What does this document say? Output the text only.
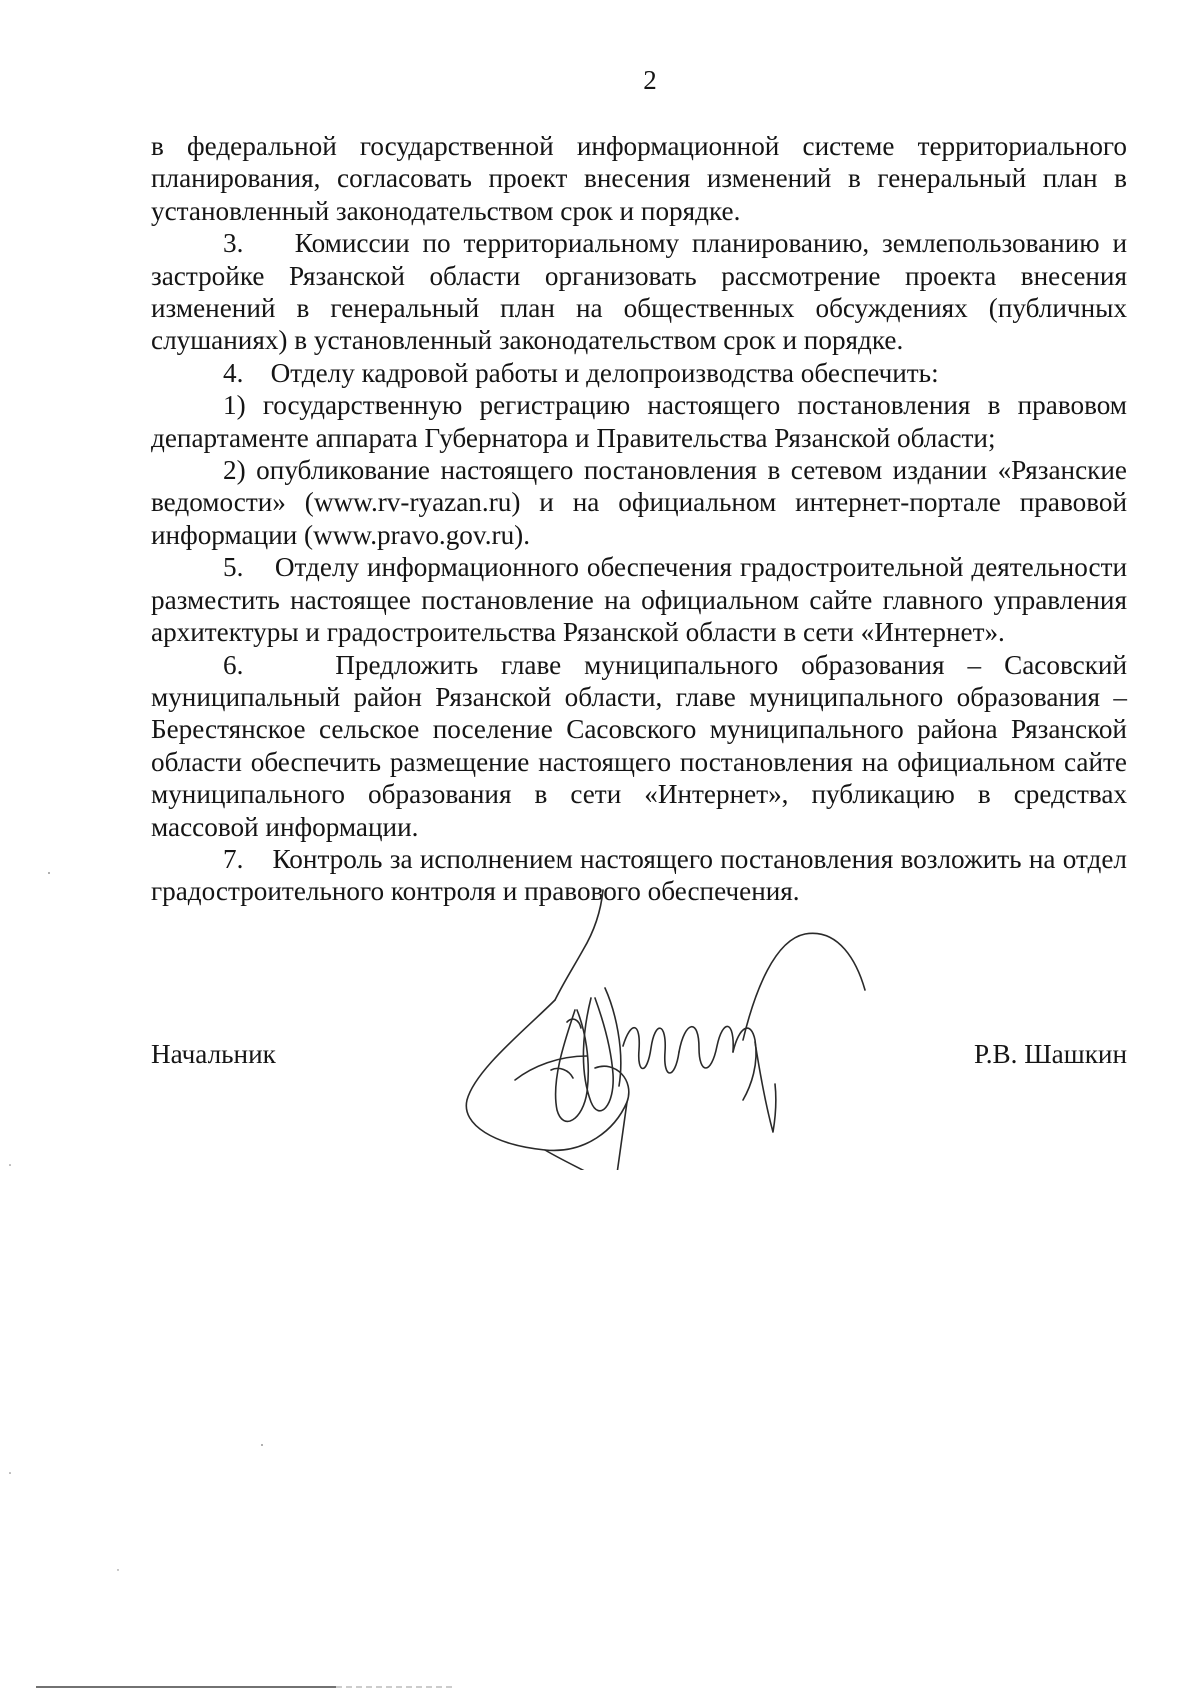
2

в федеральной государственной информационной системе территориального планирования, согласовать проект внесения изменений в генеральный план в установленный законодательством срок и порядке.

3.    Комиссии по территориальному планированию, землепользованию и застройке Рязанской области организовать рассмотрение проекта внесения изменений в генеральный план на общественных обсуждениях (публичных слушаниях) в установленный законодательством срок и порядке.

4.    Отделу кадровой работы и делопроизводства обеспечить:

1) государственную регистрацию настоящего постановления в правовом департаменте аппарата Губернатора и Правительства Рязанской области;

2) опубликование настоящего постановления в сетевом издании «Рязанские ведомости» (www.rv-ryazan.ru) и на официальном интернет-портале правовой информации (www.pravo.gov.ru).

5.    Отделу информационного обеспечения градостроительной деятельности разместить настоящее постановление на официальном сайте главного управления архитектуры и градостроительства Рязанской области в сети «Интернет».

6.    Предложить главе муниципального образования – Сасовский муниципальный район Рязанской области, главе муниципального образования – Берестянское сельское поселение Сасовского муниципального района Рязанской области обеспечить размещение настоящего постановления на официальном сайте муниципального образования в сети «Интернет», публикацию в средствах массовой информации.

7.    Контроль за исполнением настоящего постановления возложить на отдел градостроительного контроля и правового обеспечения.

Начальник	Р.В. Шашкин
